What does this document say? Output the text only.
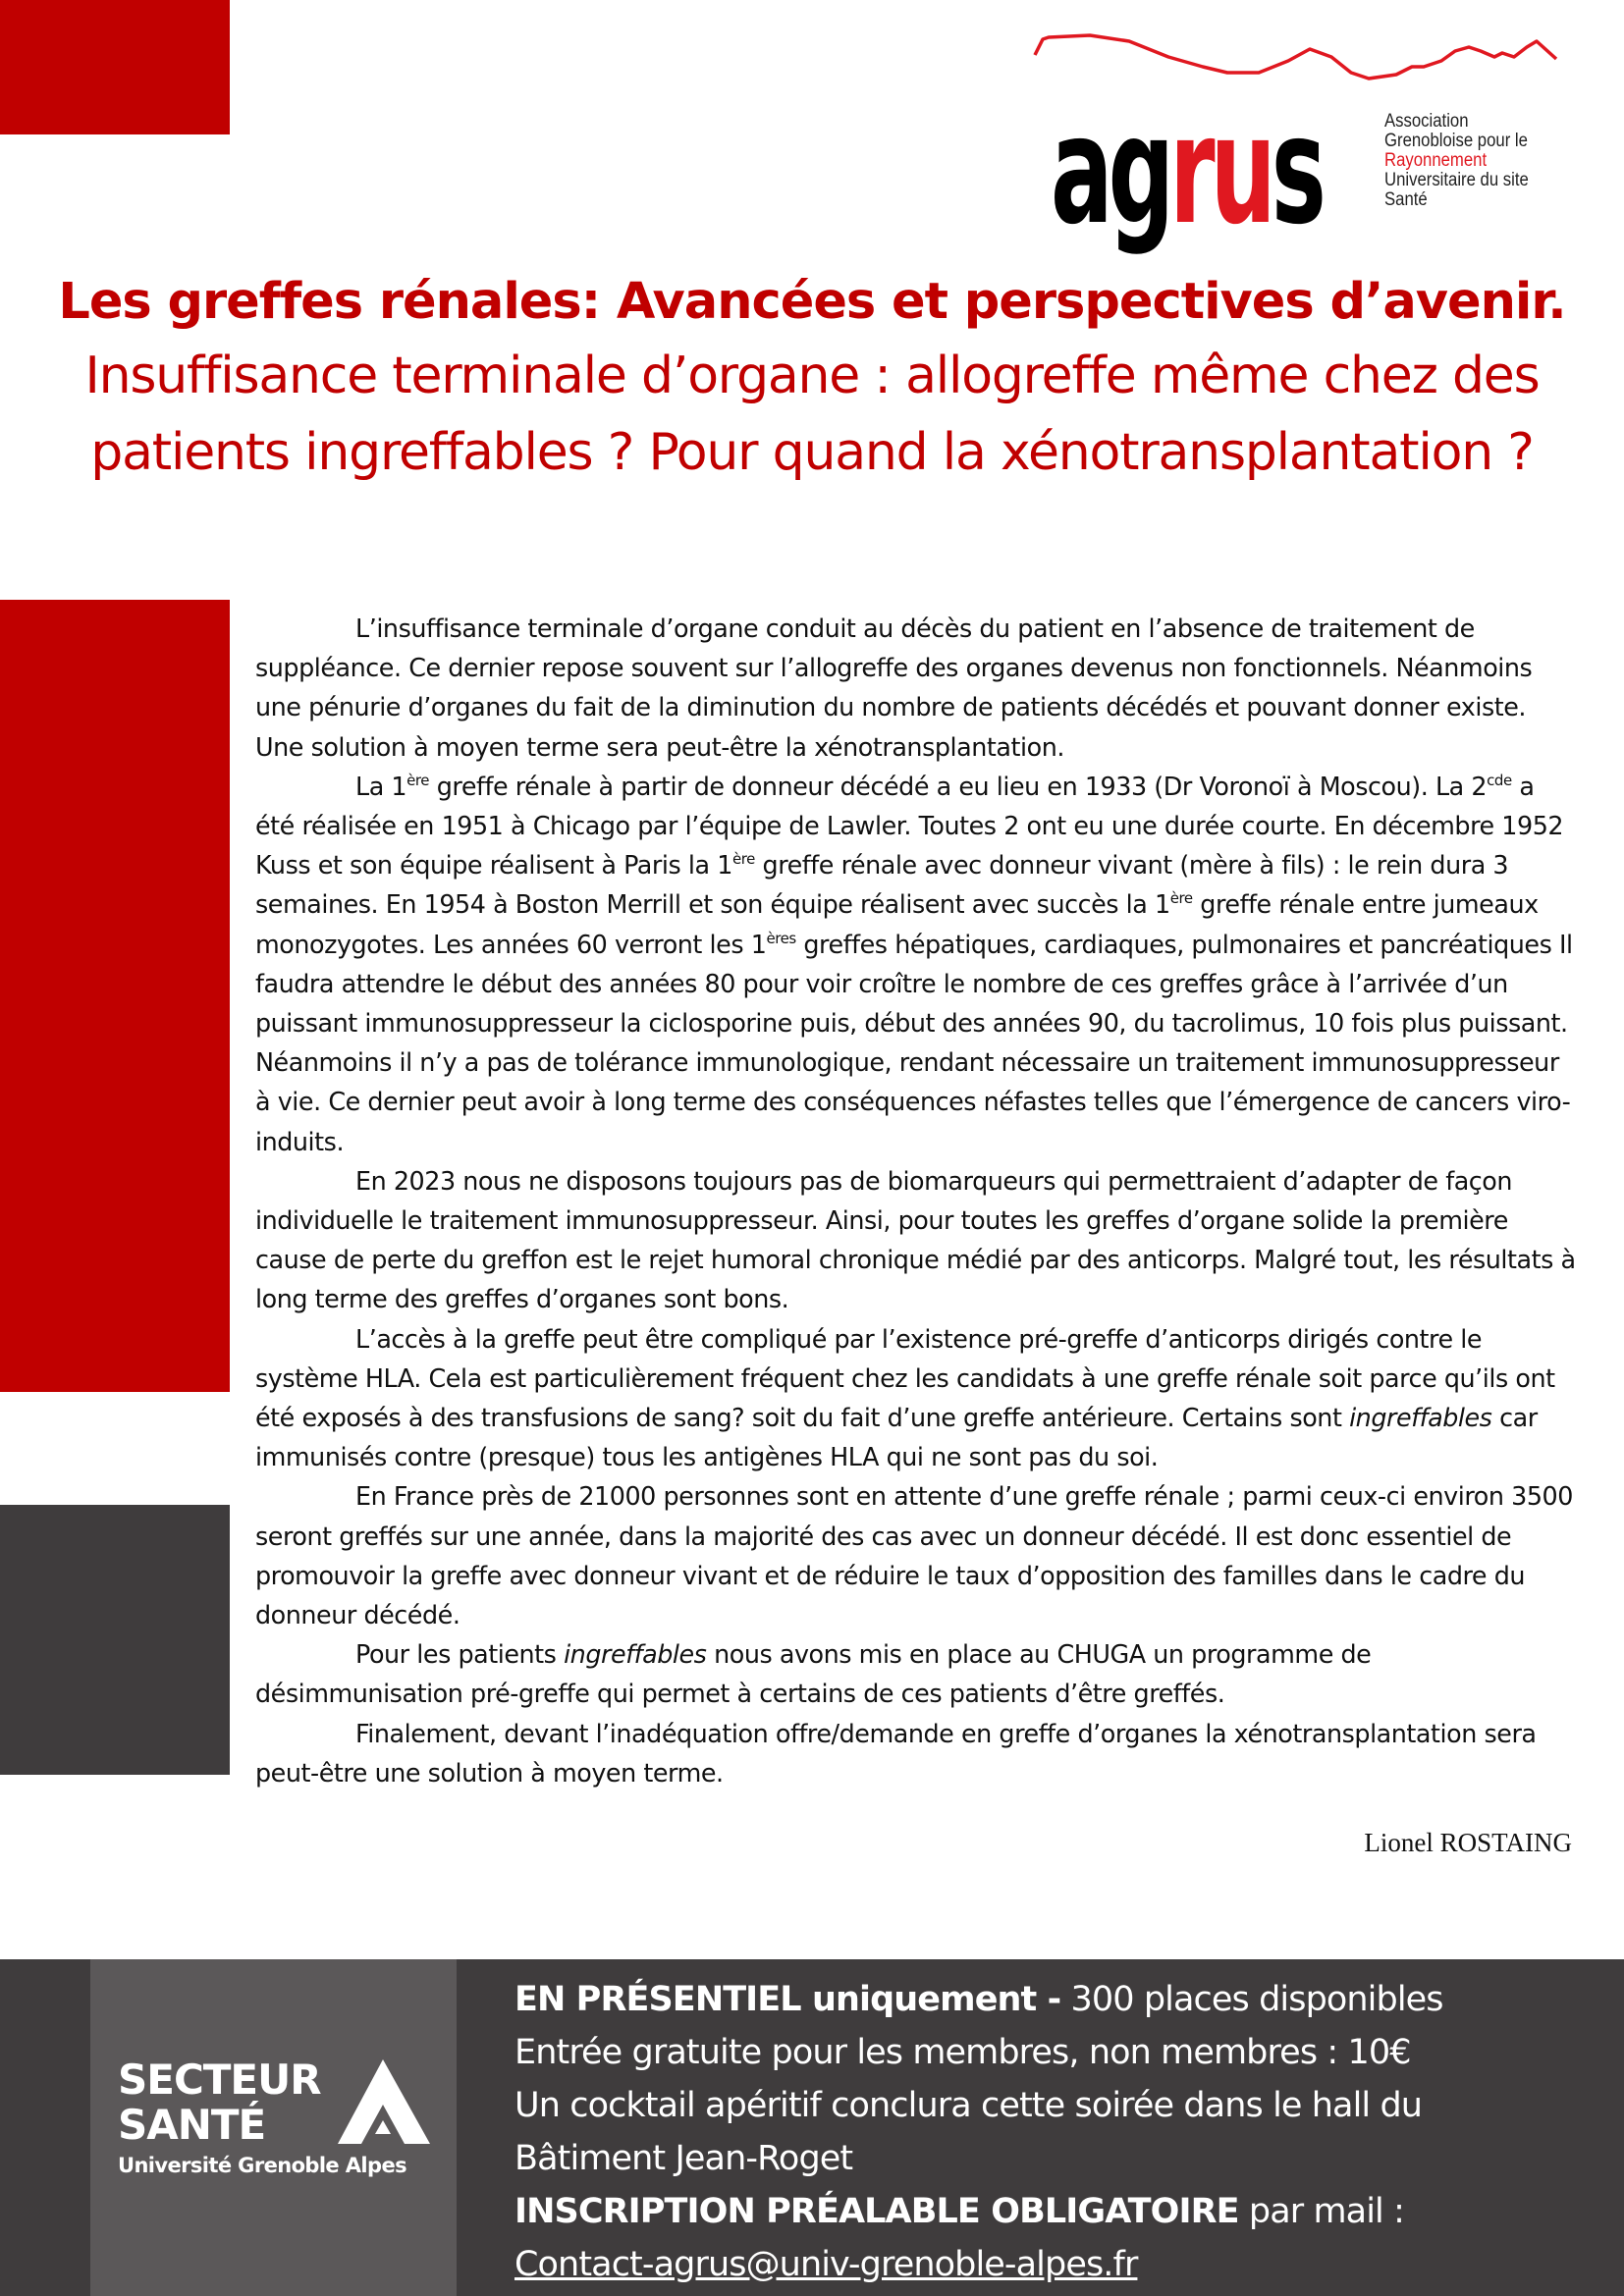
agrus	Association
Grenobloise pour le
Rayonnement
Universitaire du site
Santé
Les greffes rénales: Avancées et perspectives d’avenir.
Insuffisance terminale d’organe : allogreffe même chez des
patients ingreffables ? Pour quand la xénotransplantation ?

L’insuffisance terminale d’organe conduit au décès du patient en l’absence de traitement de suppléance. Ce dernier repose souvent sur l’allogreffe des organes devenus non fonctionnels. Néanmoins une pénurie d’organes du fait de la diminution du nombre de patients décédés et pouvant donner existe. Une solution à moyen terme sera peut-être la xénotransplantation.

La 1ère greffe rénale à partir de donneur décédé a eu lieu en 1933 (Dr Voronoï à Moscou). La $2^{cde}$ a été réalisée en 1951 à Chicago par l’équipe de Lawler. Toutes 2 ont eu une durée courte. En décembre 1952 Kuss et son équipe réalisent à Paris la 1ère greffe rénale avec donneur vivant (mère à fils) : le rein dura 3 semaines. En 1954 à Boston Merrill et son équipe réalisent avec succès la 1ère greffe rénale entre jumeaux monozygotes. Les années 60 verront les 1ères greffes hépatiques, cardiaques, pulmonaires et pancréatiques Il faudra attendre le début des années 80 pour voir croître le nombre de ces greffes grâce à l’arrivée d’un puissant immunosuppresseur la ciclosporine puis, début des années 90, du tacrolimus, 10 fois plus puissant. Néanmoins il n’y a pas de tolérance immunologique, rendant nécessaire un traitement immunosuppresseur à vie. Ce dernier peut avoir à long terme des conséquences néfastes telles que l’émergence de cancers viro-induits.

En 2023 nous ne disposons toujours pas de biomarqueurs qui permettraient d’adapter de façon individuelle le traitement immunosuppresseur. Ainsi, pour toutes les greffes d’organe solide la première cause de perte du greffon est le rejet humoral chronique médié par des anticorps. Malgré tout, les résultats à long terme des greffes d’organes sont bons.

L’accès à la greffe peut être compliqué par l’existence pré-greffe d’anticorps dirigés contre le système HLA. Cela est particulièrement fréquent chez les candidats à une greffe rénale soit parce qu’ils ont été exposés à des transfusions de sang? soit du fait d’une greffe antérieure. Certains sont ingreffables car immunisés contre (presque) tous les antigènes HLA qui ne sont pas du soi.

En France près de 21000 personnes sont en attente d’une greffe rénale ; parmi ceux-ci environ 3500 seront greffés sur une année, dans la majorité des cas avec un donneur décédé. Il est donc essentiel de promouvoir la greffe avec donneur vivant et de réduire le taux d’opposition des familles dans le cadre du donneur décédé.

Pour les patients ingreffables nous avons mis en place au CHUGA un programme de désimmunisation pré-greffe qui permet à certains de ces patients d’être greffés.

Finalement, devant l’inadéquation offre/demande en greffe d’organes la xénotransplantation sera peut-être une solution à moyen terme.

Lionel ROSTAING
SECTEUR
SANTÉ
Université Grenoble Alpes
EN PRÉSENTIEL uniquement - 300 places disponibles
Entrée gratuite pour les membres, non membres : 10€
Un cocktail apéritif conclura cette soirée dans le hall du
Bâtiment Jean-Roget
INSCRIPTION PRÉALABLE OBLIGATOIRE par mail :
Contact-agrus@univ-grenoble-alpes.fr
